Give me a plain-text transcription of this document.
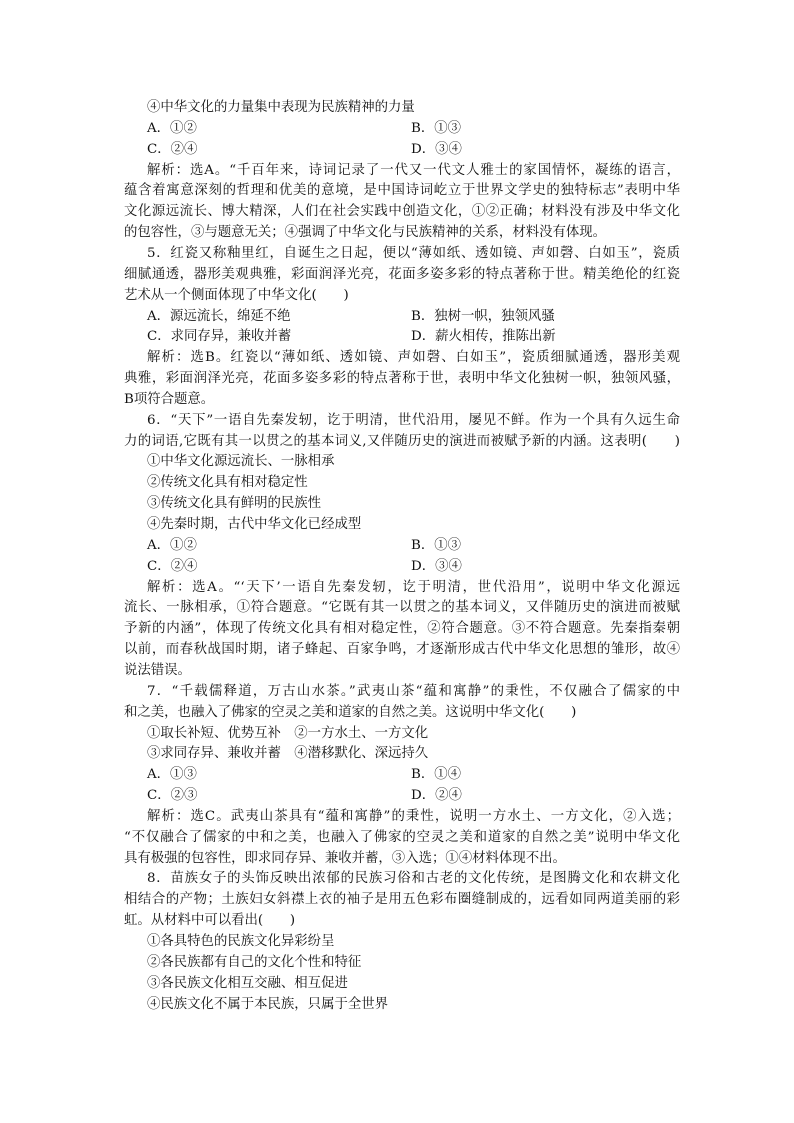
④中华文化的力量集中表现为民族精神的力量
A．①②	B．①③
C．②④	D．③④
解析：选A。“千百年来，诗词记录了一代又一代文人雅士的家国情怀，凝练的语言，
蕴含着寓意深刻的哲理和优美的意境，是中国诗词屹立于世界文学史的独特标志”表明中华
文化源远流长、博大精深，人们在社会实践中创造文化，①②正确；材料没有涉及中华文化
的包容性，③与题意无关；④强调了中华文化与民族精神的关系，材料没有体现。
5．红瓷又称釉里红，自诞生之日起，便以“薄如纸、透如镜、声如磬、白如玉”，瓷质
细腻通透，器形美观典雅，彩面润泽光亮，花面多姿多彩的特点著称于世。精美绝伦的红瓷
艺术从一个侧面体现了中华文化(　　)
A．源远流长，绵延不绝	B．独树一帜，独领风骚
C．求同存异，兼收并蓄	D．薪火相传，推陈出新
解析：选B。红瓷以“薄如纸、透如镜、声如磬、白如玉”，瓷质细腻通透，器形美观
典雅，彩面润泽光亮，花面多姿多彩的特点著称于世，表明中华文化独树一帜，独领风骚，
B项符合题意。
6．“天下”一语自先秦发轫，讫于明清，世代沿用，屡见不鲜。作为一个具有久远生命
力的词语,它既有其一以贯之的基本词义,又伴随历史的演进而被赋予新的内涵。这表明(　　)
①中华文化源远流长、一脉相承
②传统文化具有相对稳定性
③传统文化具有鲜明的民族性
④先秦时期，古代中华文化已经成型
A．①②	B．①③
C．②④	D．③④
解析：选A。“‘天下’一语自先秦发轫，讫于明清，世代沿用”，说明中华文化源远
流长、一脉相承，①符合题意。“它既有其一以贯之的基本词义，又伴随历史的演进而被赋
予新的内涵”，体现了传统文化具有相对稳定性，②符合题意。③不符合题意。先秦指秦朝
以前，而春秋战国时期，诸子蜂起、百家争鸣，才逐渐形成古代中华文化思想的雏形，故④
说法错误。
7．“千载儒释道，万古山水茶。”武夷山茶“蕴和寓静”的秉性，不仅融合了儒家的中
和之美，也融入了佛家的空灵之美和道家的自然之美。这说明中华文化(　　)
①取长补短、优势互补　②一方水土、一方文化
③求同存异、兼收并蓄　④潜移默化、深远持久
A．①③	B．①④
C．②③	D．②④
解析：选C。武夷山茶具有“蕴和寓静”的秉性，说明一方水土、一方文化，②入选；
“不仅融合了儒家的中和之美，也融入了佛家的空灵之美和道家的自然之美”说明中华文化
具有极强的包容性，即求同存异、兼收并蓄，③入选；①④材料体现不出。
8．苗族女子的头饰反映出浓郁的民族习俗和古老的文化传统，是图腾文化和农耕文化
相结合的产物；土族妇女斜襟上衣的袖子是用五色彩布圈缝制成的，远看如同两道美丽的彩
虹。从材料中可以看出(　　)
①各具特色的民族文化异彩纷呈
②各民族都有自己的文化个性和特征
③各民族文化相互交融、相互促进
④民族文化不属于本民族，只属于全世界
